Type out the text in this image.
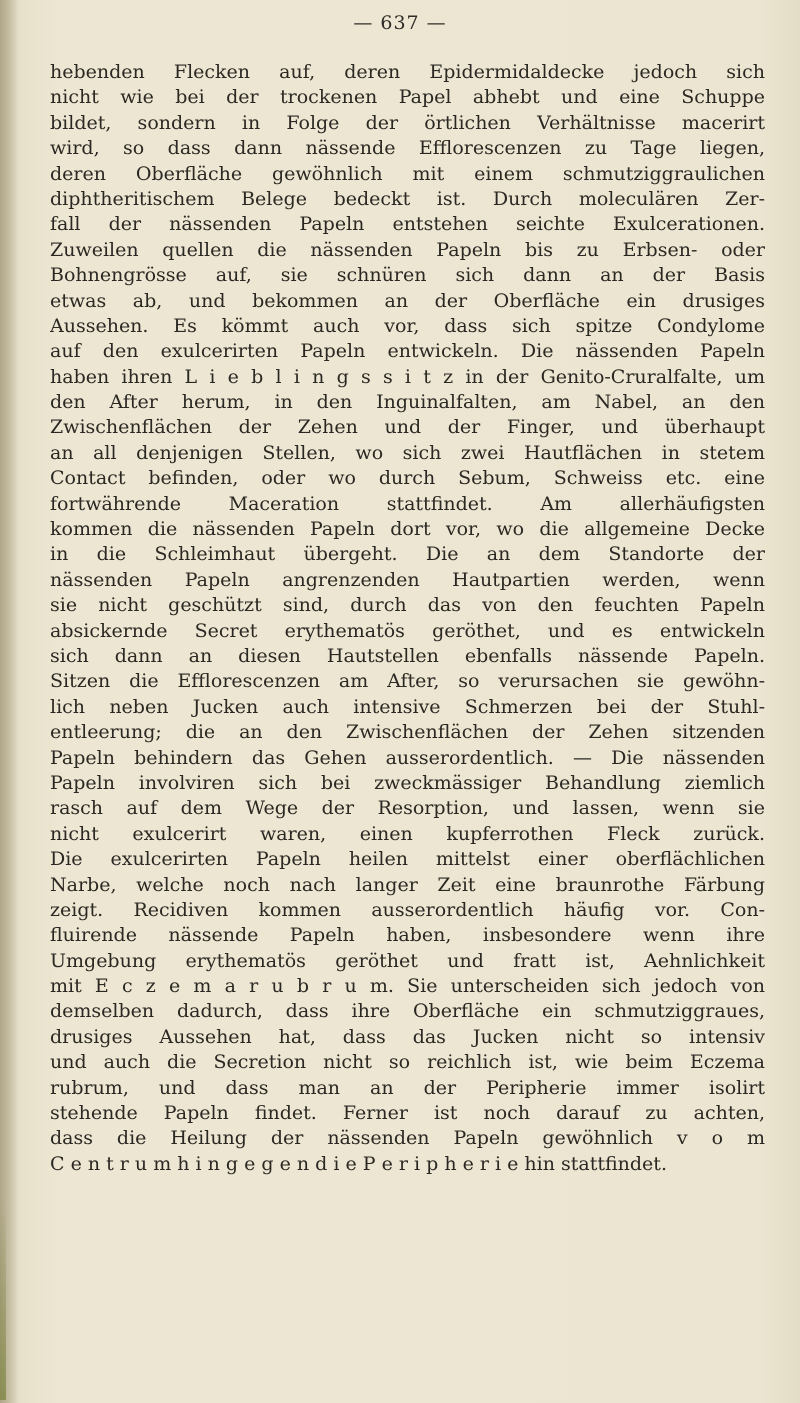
— 637 —
hebenden Flecken auf, deren Epidermidaldecke jedoch sich
nicht wie bei der trockenen Papel abhebt und eine Schuppe
bildet, sondern in Folge der örtlichen Verhältnisse macerirt
wird, so dass dann nässende Efflorescenzen zu Tage liegen,
deren Oberfläche gewöhnlich mit einem schmutziggraulichen
diphtheritischem Belege bedeckt ist. Durch moleculären Zer-
fall der nässenden Papeln entstehen seichte Exulcerationen.
Zuweilen quellen die nässenden Papeln bis zu Erbsen- oder
Bohnengrösse auf, sie schnüren sich dann an der Basis
etwas ab, und bekommen an der Oberfläche ein drusiges
Aussehen. Es kömmt auch vor, dass sich spitze Condylome
auf den exulcerirten Papeln entwickeln. Die nässenden Papeln
haben ihren L i e b l i n g s s i t z in der Genito-Cruralfalte, um
den After herum, in den Inguinalfalten, am Nabel, an den
Zwischenflächen der Zehen und der Finger, und überhaupt
an all denjenigen Stellen, wo sich zwei Hautflächen in stetem
Contact befinden, oder wo durch Sebum, Schweiss etc. eine
fortwährende Maceration stattfindet. Am allerhäufigsten
kommen die nässenden Papeln dort vor, wo die allgemeine Decke
in die Schleimhaut übergeht. Die an dem Standorte der
nässenden Papeln angrenzenden Hautpartien werden, wenn
sie nicht geschützt sind, durch das von den feuchten Papeln
absickernde Secret erythematös geröthet, und es entwickeln
sich dann an diesen Hautstellen ebenfalls nässende Papeln.
Sitzen die Efflorescenzen am After, so verursachen sie gewöhn-
lich neben Jucken auch intensive Schmerzen bei der Stuhl-
entleerung; die an den Zwischenflächen der Zehen sitzenden
Papeln behindern das Gehen ausserordentlich. — Die nässenden
Papeln involviren sich bei zweckmässiger Behandlung ziemlich
rasch auf dem Wege der Resorption, und lassen, wenn sie
nicht exulcerirt waren, einen kupferrothen Fleck zurück.
Die exulcerirten Papeln heilen mittelst einer oberflächlichen
Narbe, welche noch nach langer Zeit eine braunrothe Färbung
zeigt. Recidiven kommen ausserordentlich häufig vor. Con-
fluirende nässende Papeln haben, insbesondere wenn ihre
Umgebung erythematös geröthet und fratt ist, Aehnlichkeit
mit E c z e m a r u b r u m. Sie unterscheiden sich jedoch von
demselben dadurch, dass ihre Oberfläche ein schmutziggraues,
drusiges Aussehen hat, dass das Jucken nicht so intensiv
und auch die Secretion nicht so reichlich ist, wie beim Eczema
rubrum, und dass man an der Peripherie immer isolirt
stehende Papeln findet. Ferner ist noch darauf zu achten,
dass die Heilung der nässenden Papeln gewöhnlich v o m
C e n t r u m h i n g e g e n d i e P e r i p h e r i e hin stattfindet.
